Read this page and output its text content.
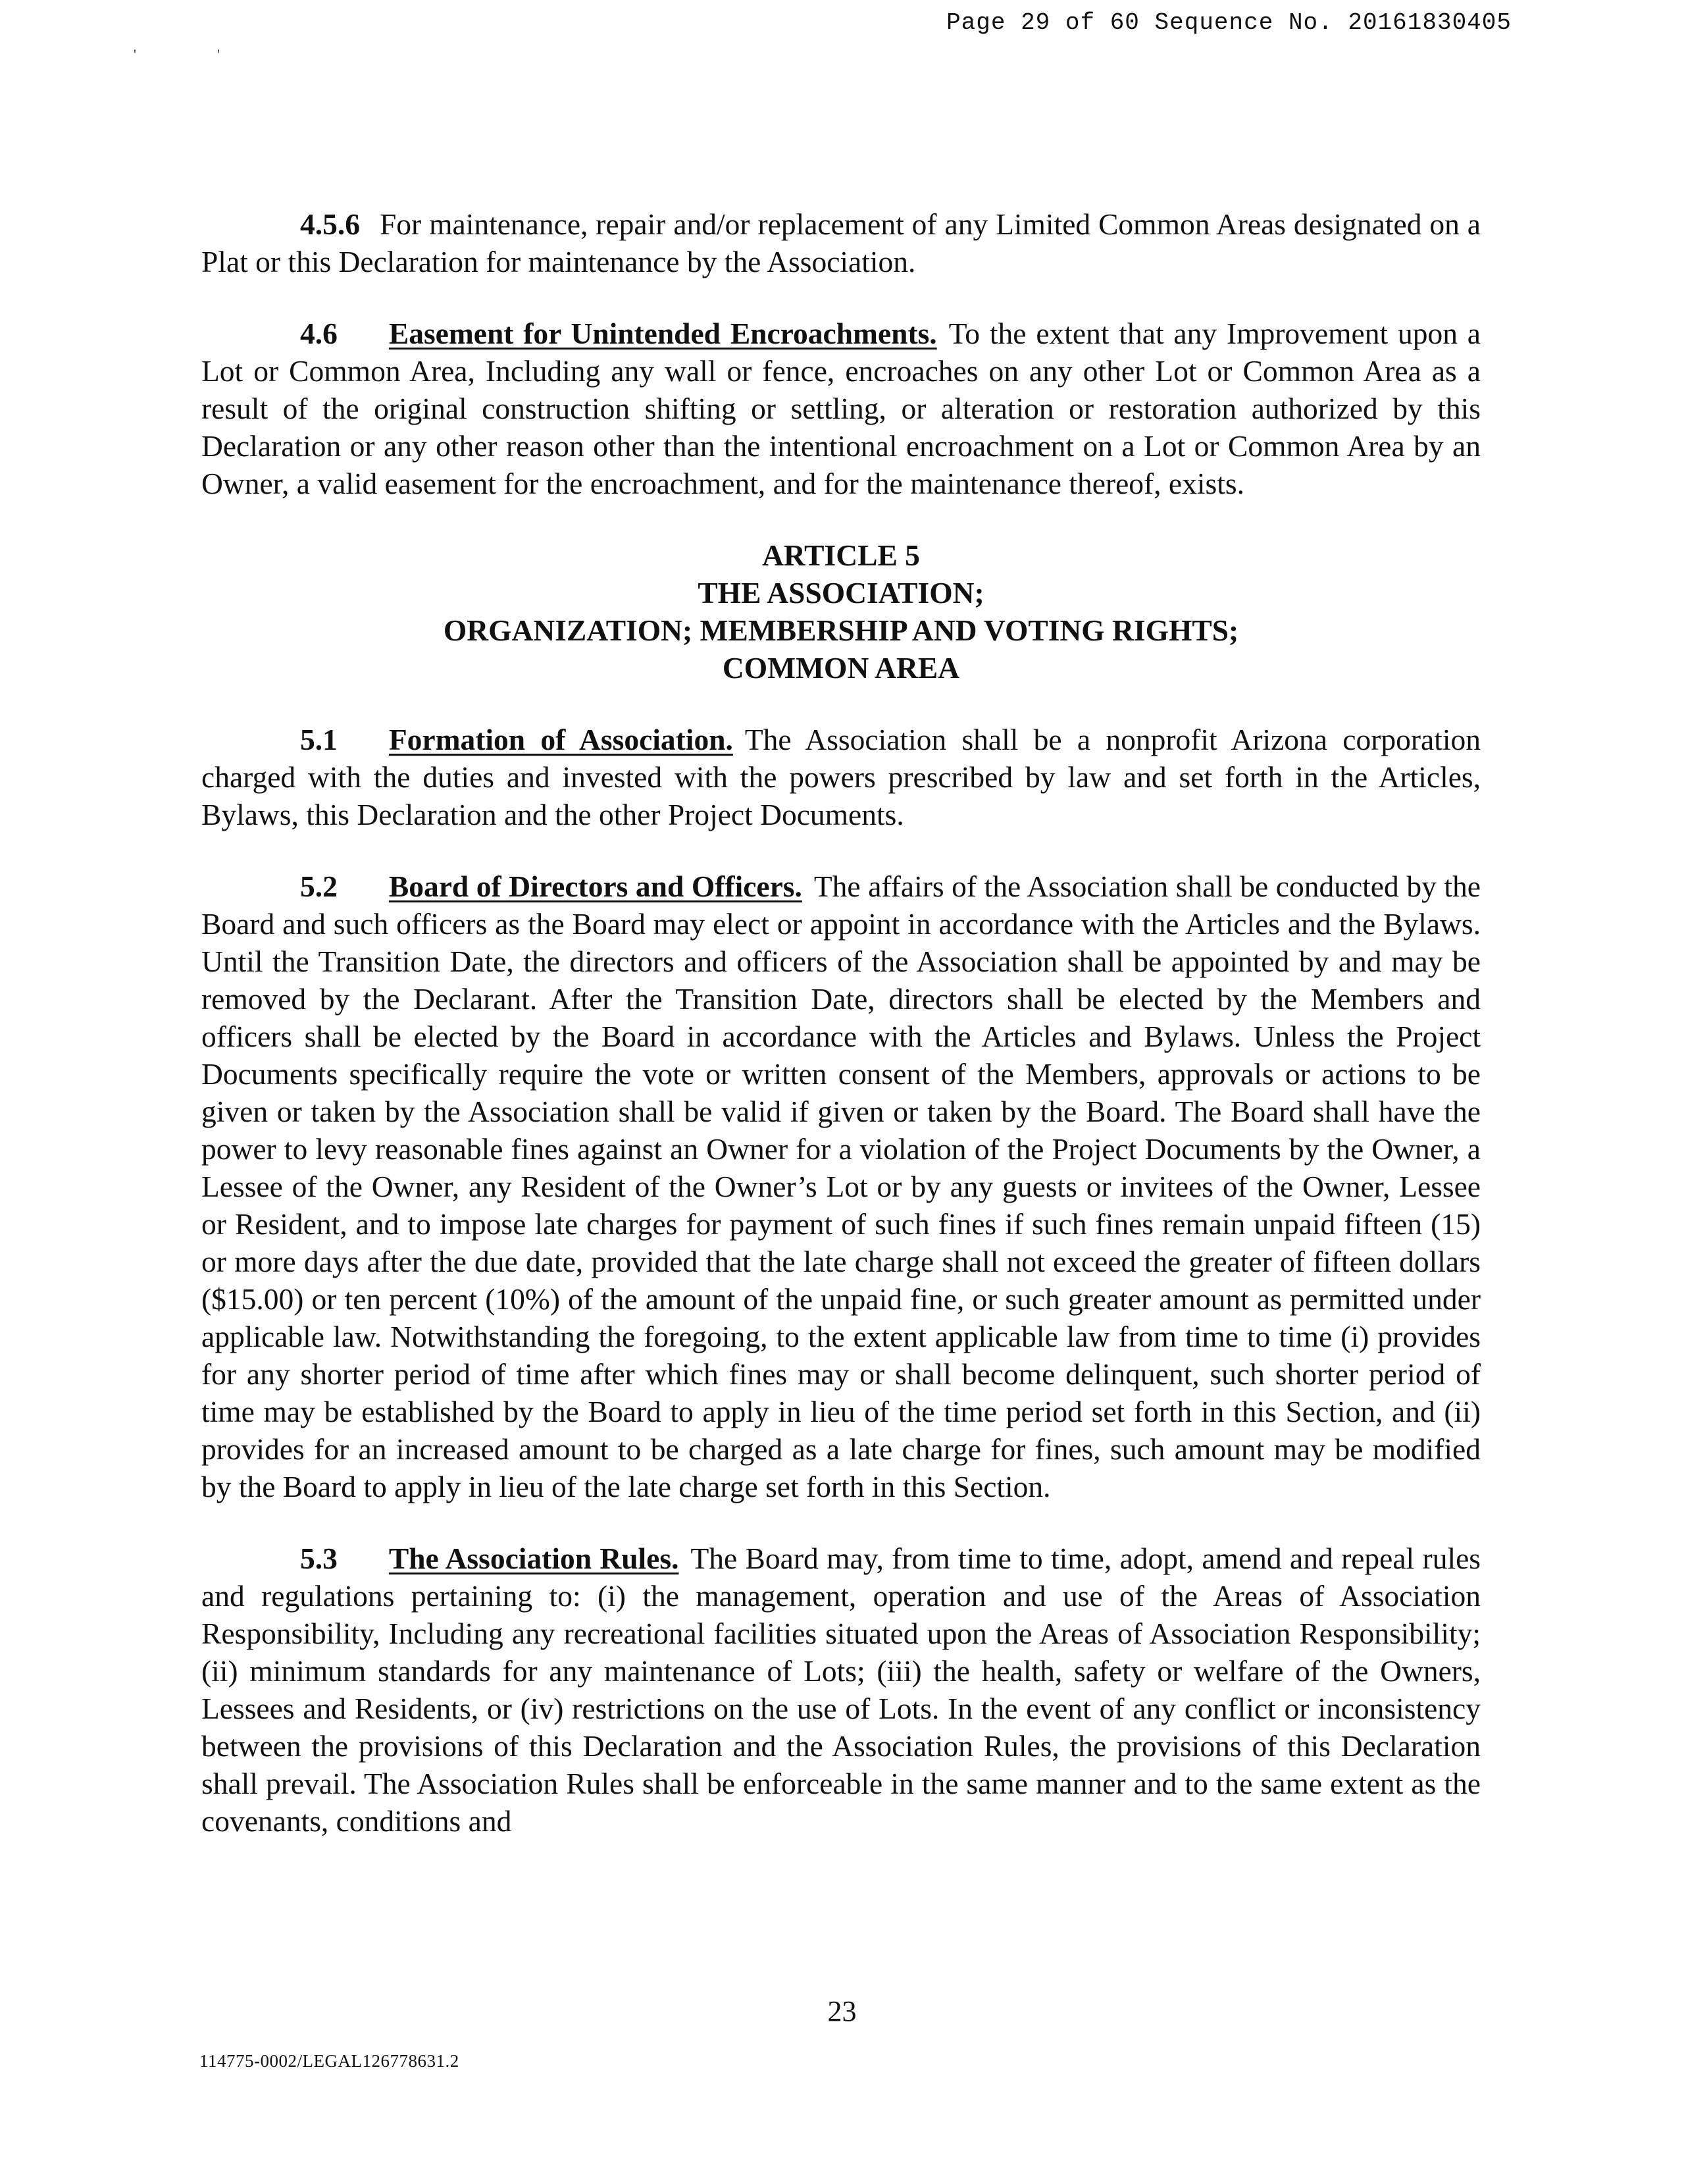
Page 29 of 60 Sequence No. 20161830405
'	'

4.5.6 For maintenance, repair and/or replacement of any Limited Common Areas designated on a Plat or this Declaration for maintenance by the Association.

4.6 Easement for Unintended Encroachments. To the extent that any Improvement upon a Lot or Common Area, Including any wall or fence, encroaches on any other Lot or Common Area as a result of the original construction shifting or settling, or alteration or restoration authorized by this Declaration or any other reason other than the intentional encroachment on a Lot or Common Area by an Owner, a valid easement for the encroachment, and for the maintenance thereof, exists.

ARTICLE 5
THE ASSOCIATION;
ORGANIZATION; MEMBERSHIP AND VOTING RIGHTS;
COMMON AREA

5.1 Formation of Association. The Association shall be a nonprofit Arizona corporation charged with the duties and invested with the powers prescribed by law and set forth in the Articles, Bylaws, this Declaration and the other Project Documents.

5.2 Board of Directors and Officers. The affairs of the Association shall be conducted by the Board and such officers as the Board may elect or appoint in accordance with the Articles and the Bylaws. Until the Transition Date, the directors and officers of the Association shall be appointed by and may be removed by the Declarant. After the Transition Date, directors shall be elected by the Members and officers shall be elected by the Board in accordance with the Articles and Bylaws. Unless the Project Documents specifically require the vote or written consent of the Members, approvals or actions to be given or taken by the Association shall be valid if given or taken by the Board. The Board shall have the power to levy reasonable fines against an Owner for a violation of the Project Documents by the Owner, a Lessee of the Owner, any Resident of the Owner’s Lot or by any guests or invitees of the Owner, Lessee or Resident, and to impose late charges for payment of such fines if such fines remain unpaid fifteen (15) or more days after the due date, provided that the late charge shall not exceed the greater of fifteen dollars ($15.00) or ten percent (10%) of the amount of the unpaid fine, or such greater amount as permitted under applicable law. Notwithstanding the foregoing, to the extent applicable law from time to time (i) provides for any shorter period of time after which fines may or shall become delinquent, such shorter period of time may be established by the Board to apply in lieu of the time period set forth in this Section, and (ii) provides for an increased amount to be charged as a late charge for fines, such amount may be modified by the Board to apply in lieu of the late charge set forth in this Section.

5.3 The Association Rules. The Board may, from time to time, adopt, amend and repeal rules and regulations pertaining to: (i) the management, operation and use of the Areas of Association Responsibility, Including any recreational facilities situated upon the Areas of Association Responsibility; (ii) minimum standards for any maintenance of Lots; (iii) the health, safety or welfare of the Owners, Lessees and Residents, or (iv) restrictions on the use of Lots. In the event of any conflict or inconsistency between the provisions of this Declaration and the Association Rules, the provisions of this Declaration shall prevail. The Association Rules shall be enforceable in the same manner and to the same extent as the covenants, conditions and

23
114775-0002/LEGAL126778631.2
